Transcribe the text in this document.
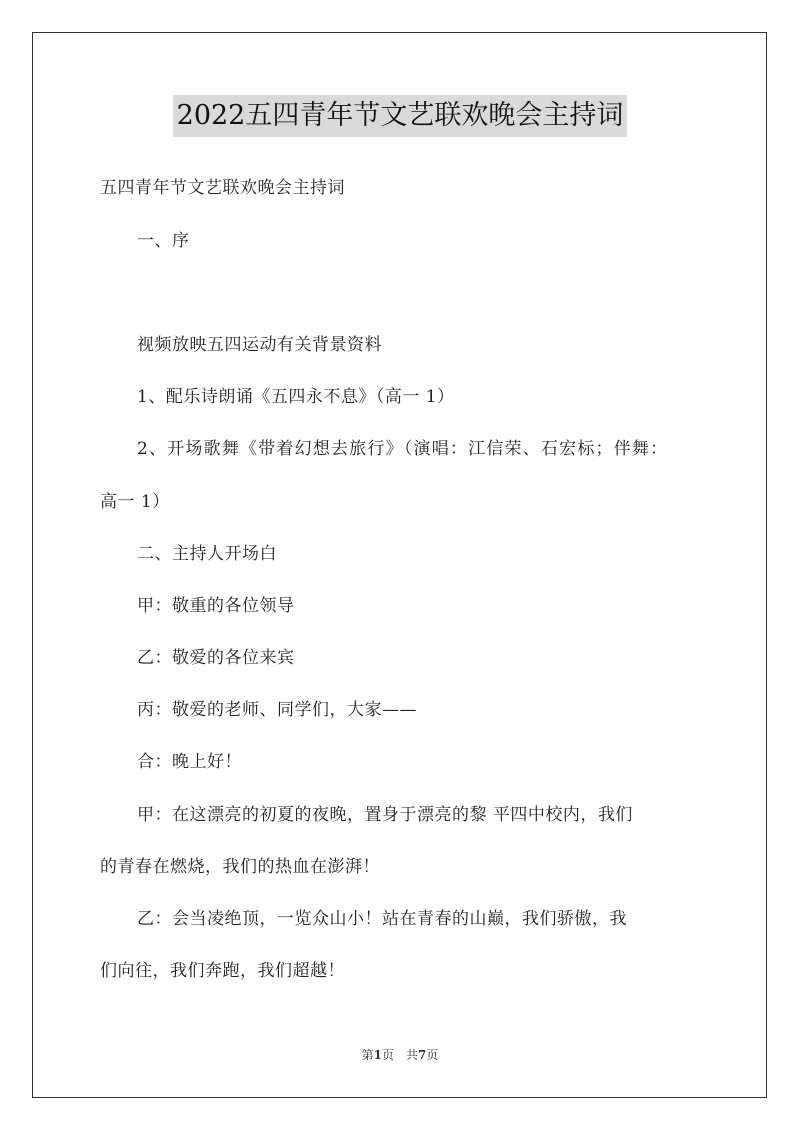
2022五四青年节文艺联欢晚会主持词
五四青年节文艺联欢晚会主持词
一、序
视频放映五四运动有关背景资料
1、配乐诗朗诵《五四永不息》（高一 1）
2、开场歌舞《带着幻想去旅行》（演唱：江信荣、石宏标；伴舞：
高一 1）
二、主持人开场白
甲：敬重的各位领导
乙：敬爱的各位来宾
丙：敬爱的老师、同学们，大家——
合：晚上好！
甲：在这漂亮的初夏的夜晚，置身于漂亮的黎 平四中校内，我们
的青春在燃烧，我们的热血在澎湃！
乙：会当凌绝顶，一览众山小！站在青春的山巅，我们骄傲，我
们向往，我们奔跑，我们超越！
第1页　共7页
